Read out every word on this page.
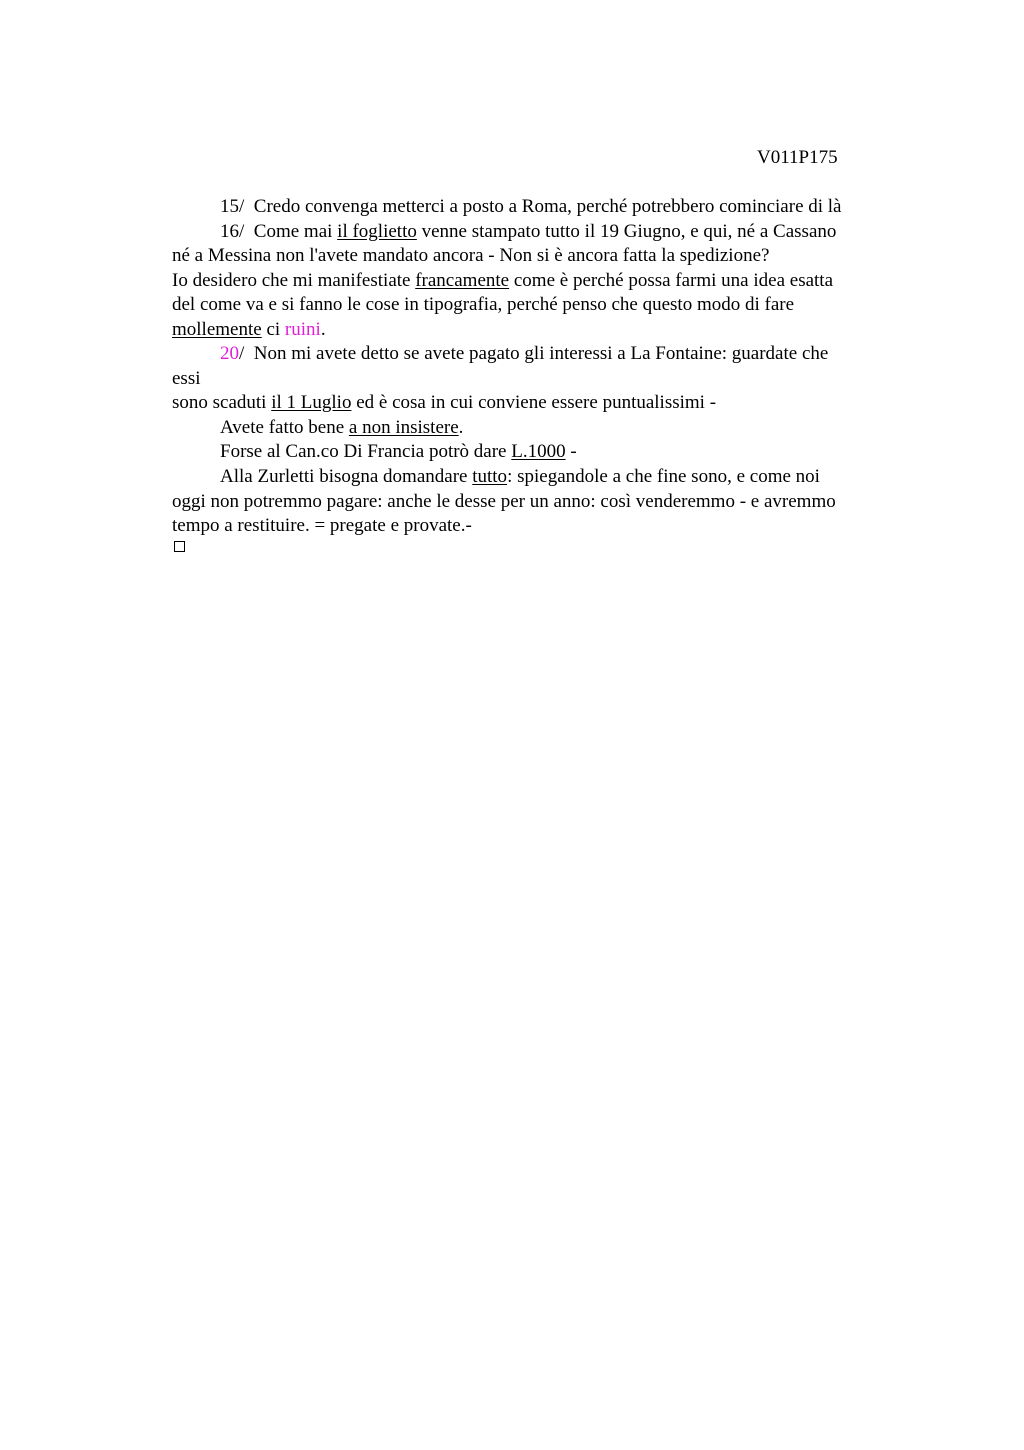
V011P175
15/ Credo convenga metterci a posto a Roma, perché potrebbero cominciare di là
16/ Come mai il foglietto venne stampato tutto il 19 Giugno, e qui, né a Cassano
né a Messina non l'avete mandato ancora - Non si è ancora fatta la spedizione?
Io desidero che mi manifestiate francamente come è perché possa farmi una idea esatta
del come va e si fanno le cose in tipografia, perché penso che questo modo di fare
mollemente ci ruini.
20/ Non mi avete detto se avete pagato gli interessi a La Fontaine: guardate che
essi
sono scaduti il 1 Luglio ed è cosa in cui conviene essere puntualissimi -
Avete fatto bene a non insistere.
Forse al Can.co Di Francia potrò dare L.1000 -
Alla Zurletti bisogna domandare tutto: spiegandole a che fine sono, e come noi
oggi non potremmo pagare: anche le desse per un anno: così venderemmo - e avremmo
tempo a restituire. = pregate e provate.-
